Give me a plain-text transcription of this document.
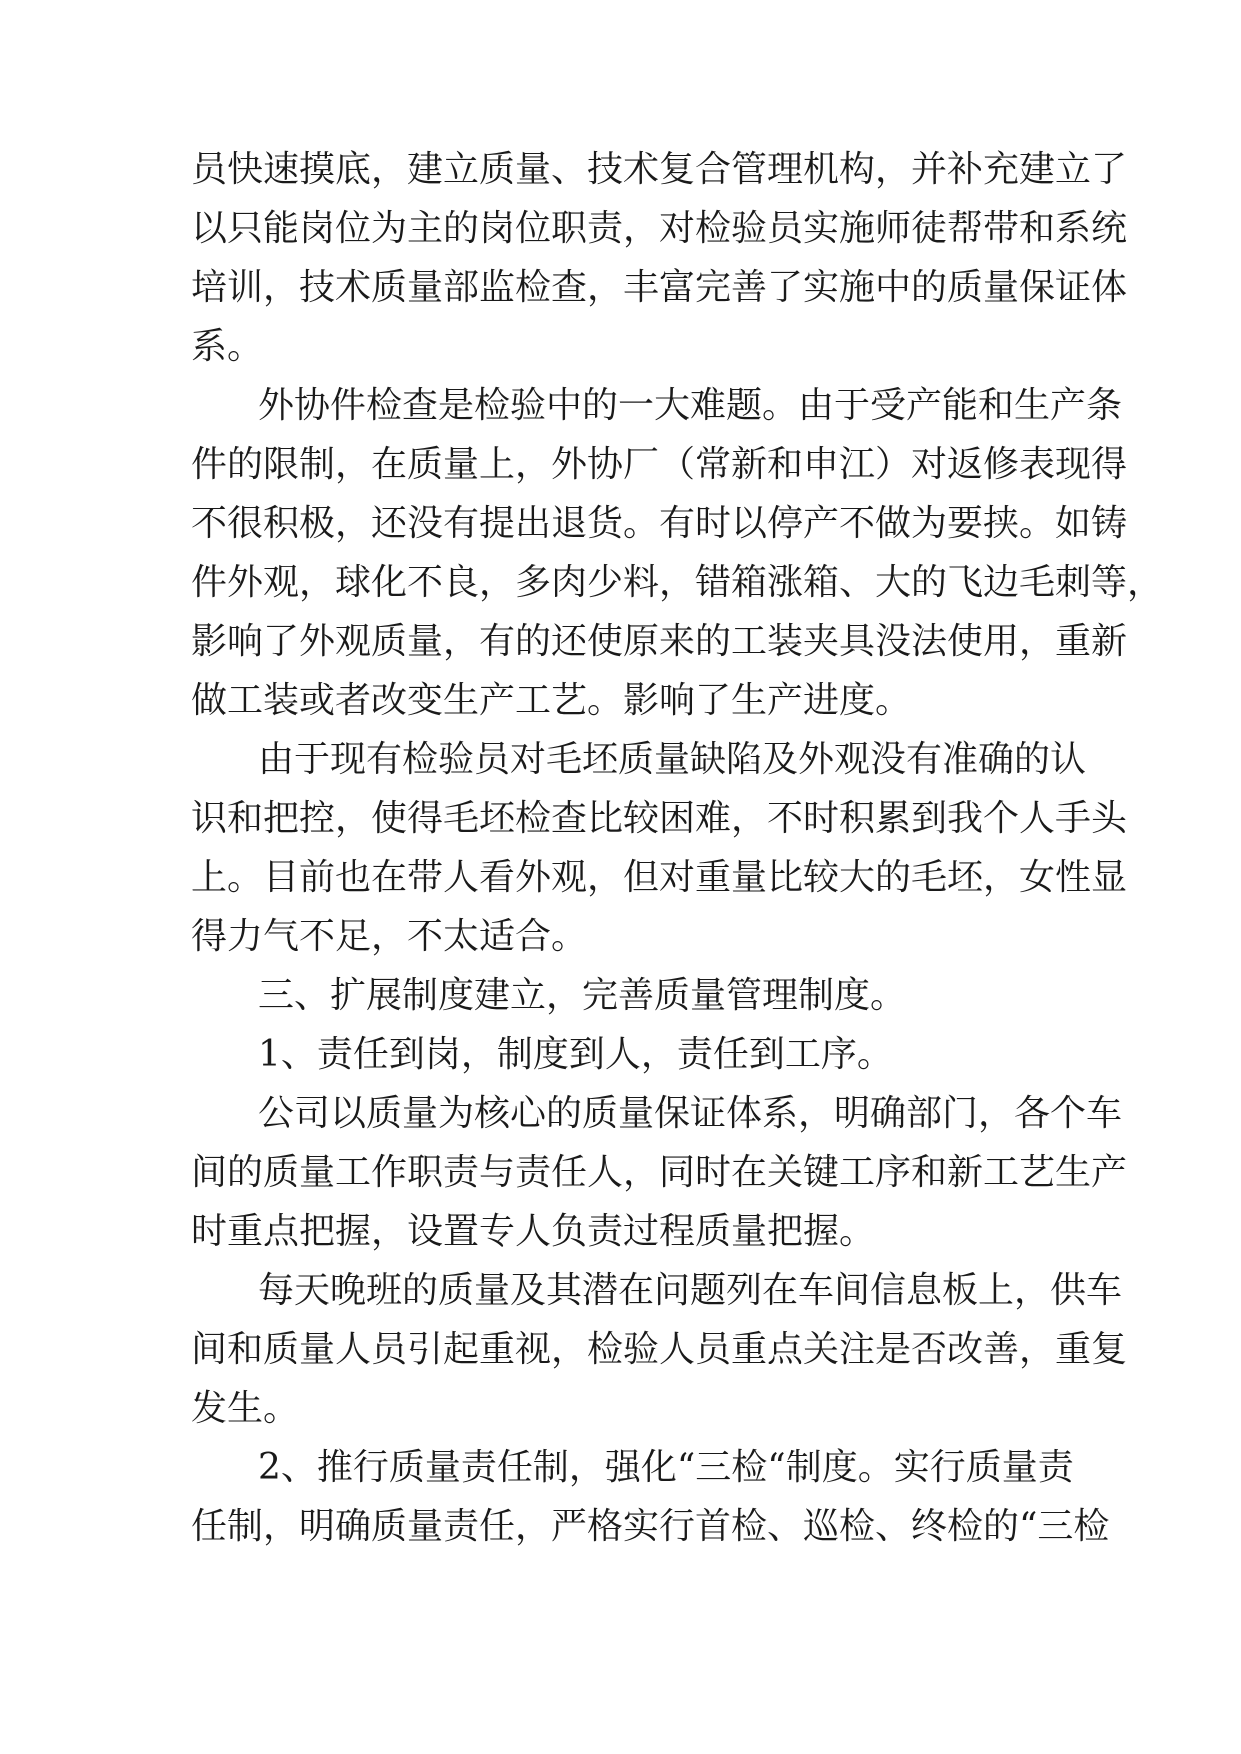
员快速摸底，建立质量、技术复合管理机构，并补充建立了
以只能岗位为主的岗位职责，对检验员实施师徒帮带和系统
培训，技术质量部监检查，丰富完善了实施中的质量保证体
系。
外协件检查是检验中的一大难题。由于受产能和生产条
件的限制，在质量上，外协厂（常新和申江）对返修表现得
不很积极，还没有提出退货。有时以停产不做为要挟。如铸
件外观，球化不良，多肉少料，错箱涨箱、大的飞边毛刺等，
影响了外观质量，有的还使原来的工装夹具没法使用，重新
做工装或者改变生产工艺。影响了生产进度。
由于现有检验员对毛坯质量缺陷及外观没有准确的认
识和把控，使得毛坯检查比较困难，不时积累到我个人手头
上。目前也在带人看外观，但对重量比较大的毛坯，女性显
得力气不足，不太适合。
三、扩展制度建立，完善质量管理制度。
1、责任到岗，制度到人，责任到工序。
公司以质量为核心的质量保证体系，明确部门，各个车
间的质量工作职责与责任人，同时在关键工序和新工艺生产
时重点把握，设置专人负责过程质量把握。
每天晚班的质量及其潜在问题列在车间信息板上，供车
间和质量人员引起重视，检验人员重点关注是否改善，重复
发生。
2、推行质量责任制，强化“三检“制度。实行质量责
任制，明确质量责任，严格实行首检、巡检、终检的“三检
